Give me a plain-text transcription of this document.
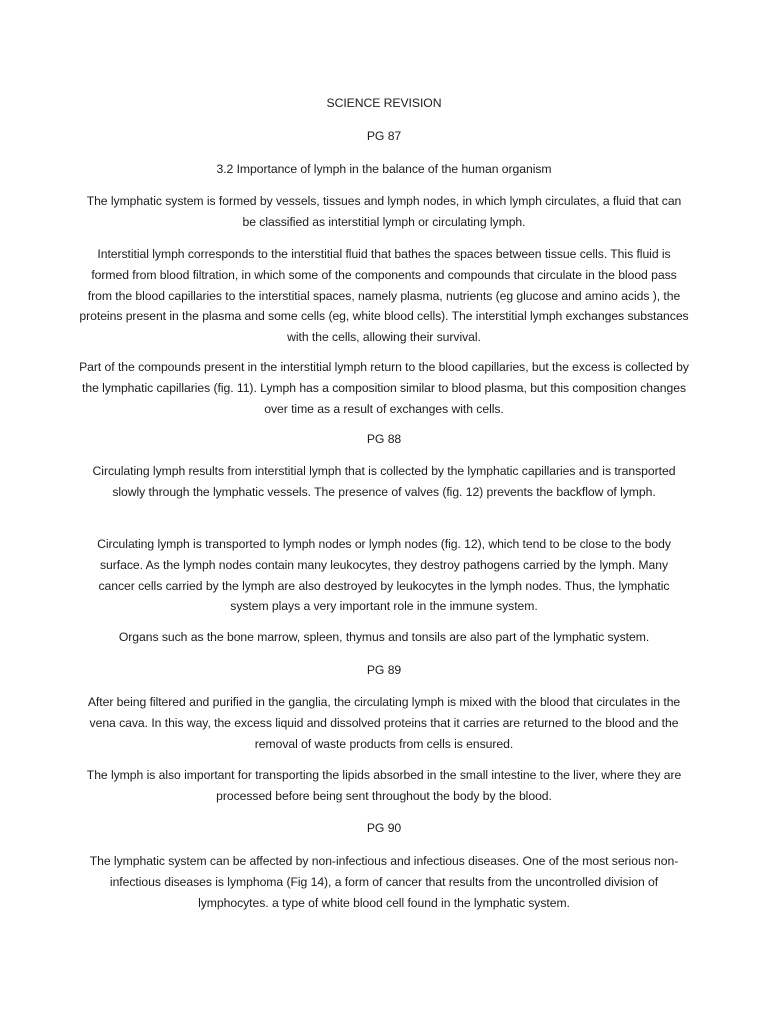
SCIENCE REVISION
PG 87
3.2 Importance of lymph in the balance of the human organism
The lymphatic system is formed by vessels, tissues and lymph nodes, in which lymph circulates, a fluid that can be classified as interstitial lymph or circulating lymph.
Interstitial lymph corresponds to the interstitial fluid that bathes the spaces between tissue cells. This fluid is formed from blood filtration, in which some of the components and compounds that circulate in the blood pass from the blood capillaries to the interstitial spaces, namely plasma, nutrients (eg glucose and amino acids ), the proteins present in the plasma and some cells (eg, white blood cells). The interstitial lymph exchanges substances with the cells, allowing their survival.
Part of the compounds present in the interstitial lymph return to the blood capillaries, but the excess is collected by the lymphatic capillaries (fig. 11). Lymph has a composition similar to blood plasma, but this composition changes over time as a result of exchanges with cells.
PG 88
Circulating lymph results from interstitial lymph that is collected by the lymphatic capillaries and is transported slowly through the lymphatic vessels. The presence of valves (fig. 12) prevents the backflow of lymph.
Circulating lymph is transported to lymph nodes or lymph nodes (fig. 12), which tend to be close to the body surface. As the lymph nodes contain many leukocytes, they destroy pathogens carried by the lymph. Many cancer cells carried by the lymph are also destroyed by leukocytes in the lymph nodes. Thus, the lymphatic system plays a very important role in the immune system.
Organs such as the bone marrow, spleen, thymus and tonsils are also part of the lymphatic system.
PG 89
After being filtered and purified in the ganglia, the circulating lymph is mixed with the blood that circulates in the vena cava. In this way, the excess liquid and dissolved proteins that it carries are returned to the blood and the removal of waste products from cells is ensured.
The lymph is also important for transporting the lipids absorbed in the small intestine to the liver, where they are processed before being sent throughout the body by the blood.
PG 90
The lymphatic system can be affected by non-infectious and infectious diseases. One of the most serious non-infectious diseases is lymphoma (Fig 14), a form of cancer that results from the uncontrolled division of lymphocytes. a type of white blood cell found in the lymphatic system.
